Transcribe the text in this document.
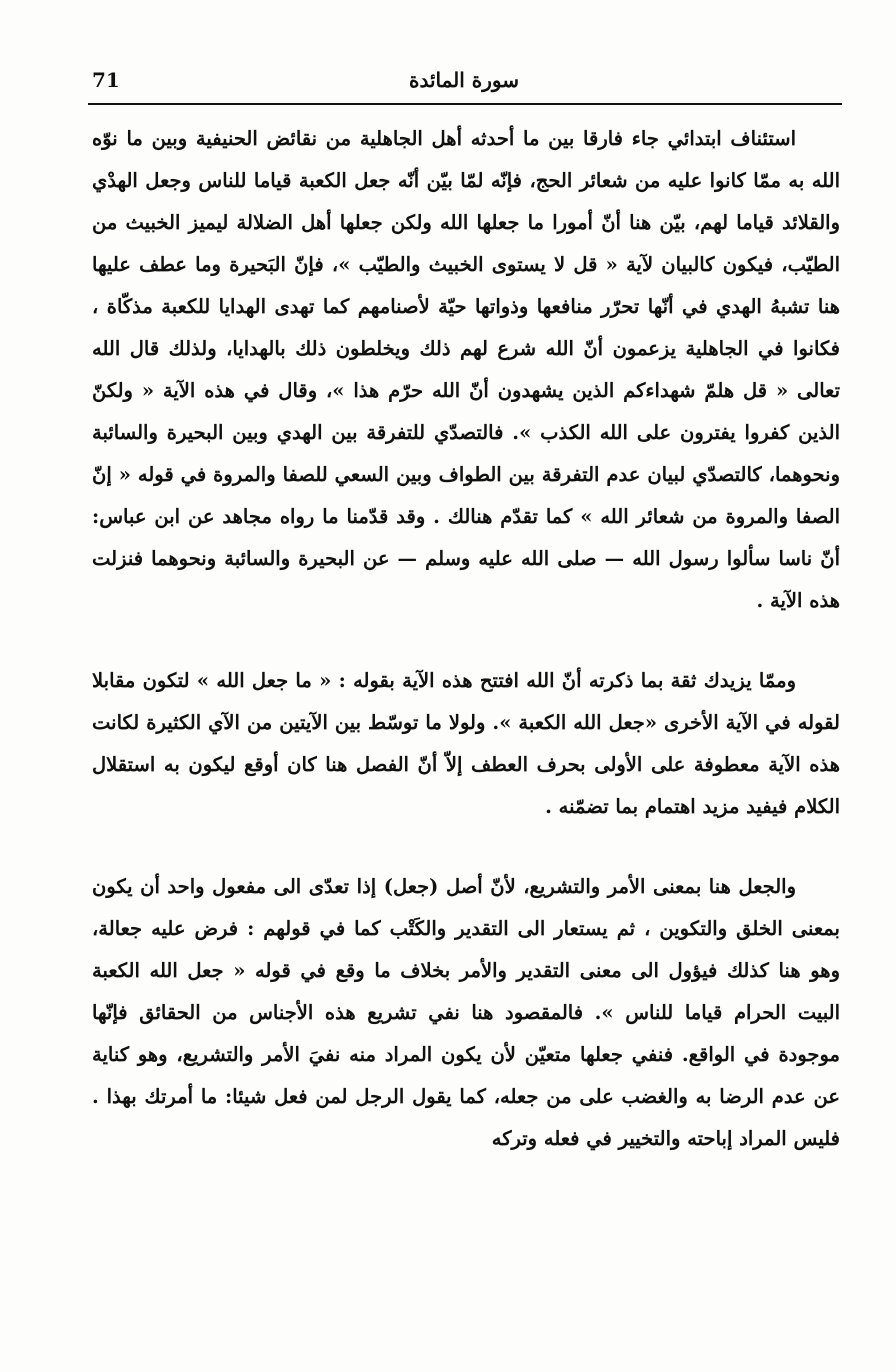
71	سورة المائدة

استئناف ابتدائي جاء فارقا بين ما أحدثه أهل الجاهلية من نقائض الحنيفية وبين ما نوّه الله به ممّا كانوا عليه من شعائر الحج، فإنّه لمّا بيّن أنّه جعل الكعبة قياما للناس وجعل الهدْي والقلائد قياما لهم، بيّن هنا أنّ أمورا ما جعلها الله ولكن جعلها أهل الضلالة ليميز الخبيث من الطيّب، فيكون كالبيان لآية « قل لا يستوى الخبيث والطيّب »، فإنّ البَحيرة وما عطف عليها هنا تشبهُ الهدي في أنّها تحرّر منافعها وذواتها حيّة لأصنامهم كما تهدى الهدايا للكعبة مذكّاة ، فكانوا في الجاهلية يزعمون أنّ الله شرع لهم ذلك ويخلطون ذلك بالهدايا، ولذلك قال الله تعالى « قل هلمّ شهداءكم الذين يشهدون أنّ الله حرّم هذا »، وقال في هذه الآية « ولكنّ الذين كفروا يفترون على الله الكذب ». فالتصدّي للتفرقة بين الهدي وبين البحيرة والسائبة ونحوهما، كالتصدّي لبيان عدم التفرقة بين الطواف وبين السعي للصفا والمروة في قوله « إنّ الصفا والمروة من شعائر الله » كما تقدّم هنالك . وقد قدّمنا ما رواه مجاهد عن ابن عباس: أنّ ناسا سألوا رسول الله — صلى الله عليه وسلم — عن البحيرة والسائبة ونحوهما فنزلت هذه الآية .

وممّا يزيدك ثقة بما ذكرته أنّ الله افتتح هذه الآية بقوله : « ما جعل الله » لتكون مقابلا لقوله في الآية الأخرى «جعل الله الكعبة ». ولولا ما توسّط بين الآيتين من الآي الكثيرة لكانت هذه الآية معطوفة على الأولى بحرف العطف إلاّ أنّ الفصل هنا كان أوقع ليكون به استقلال الكلام فيفيد مزيد اهتمام بما تضمّنه .

والجعل هنا بمعنى الأمر والتشريع، لأنّ أصل (جعل) إذا تعدّى الى مفعول واحد أن يكون بمعنى الخلق والتكوين ، ثم يستعار الى التقدير والكَتْب كما في قولهم : فرض عليه جعالة، وهو هنا كذلك فيؤول الى معنى التقدير والأمر بخلاف ما وقع في قوله « جعل الله الكعبة البيت الحرام قياما للناس ». فالمقصود هنا نفي تشريع هذه الأجناس من الحقائق فإنّها موجودة في الواقع. فنفي جعلها متعيّن لأن يكون المراد منه نفيَ الأمر والتشريع، وهو كناية عن عدم الرضا به والغضب على من جعله، كما يقول الرجل لمن فعل شيئا: ما أمرتك بهذا . فليس المراد إباحته والتخيير في فعله وتركه
